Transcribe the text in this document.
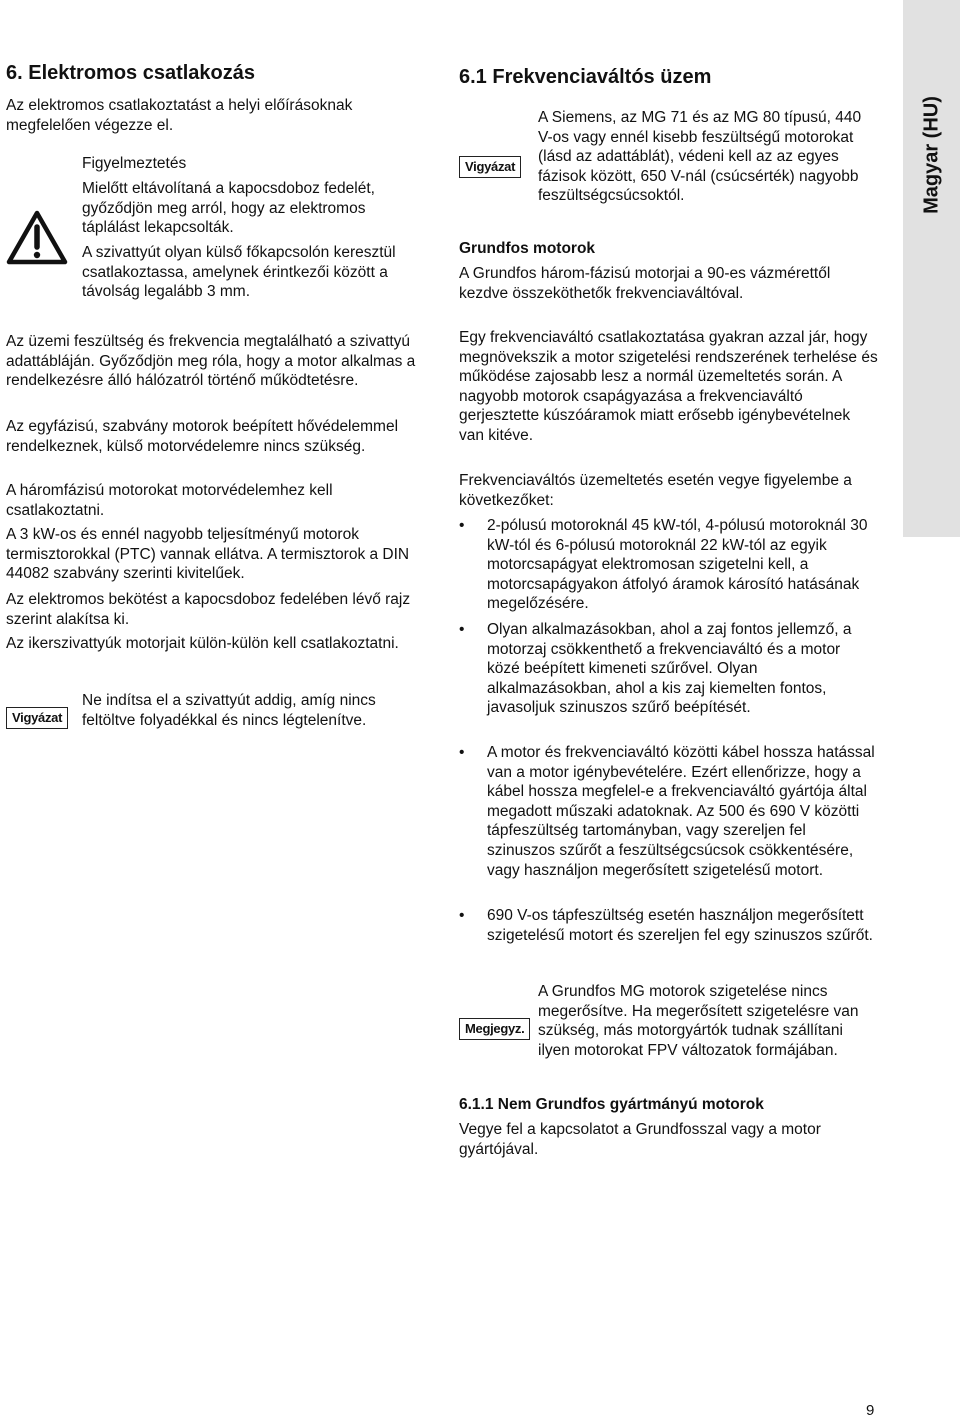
Magyar (HU)
6. Elektromos csatlakozás

Az elektromos csatlakoztatást a helyi előírásoknak megfelelően végezze el.

Figyelmeztetés

Mielőtt eltávolítaná a kapocsdoboz fedelét, győződjön meg arról, hogy az elektromos táplálást lekapcsolták.

A szivattyút olyan külső főkapcsolón keresztül csatlakoztassa, amelynek érintkezői között a távolság legalább 3 mm.

Az üzemi feszültség és frekvencia megtalálható a szivattyú adattábláján. Győződjön meg róla, hogy a motor alkalmas a rendelkezésre álló hálózatról történő működtetésre.

Az egyfázisú, szabvány motorok beépített hővédelemmel rendelkeznek, külső motorvédelemre nincs szükség.

A háromfázisú motorokat motorvédelemhez kell csatlakoztatni.

A 3 kW-os és ennél nagyobb teljesítményű motorok termisztorokkal (PTC) vannak ellátva. A termisztorok a DIN 44082 szabvány szerinti kivitelűek.

Az elektromos bekötést a kapocsdoboz fedelében lévő rajz szerint alakítsa ki.

Az ikerszivattyúk motorjait külön-külön kell csatlakoztatni.

Vigyázat

Ne indítsa el a szivattyút addig, amíg nincs feltöltve folyadékkal és nincs légtelenítve.

6.1 Frekvenciaváltós üzem
Vigyázat

A Siemens, az MG 71 és az MG 80 típusú, 440 V-os vagy ennél kisebb feszültségű motorokat (lásd az adattáblát), védeni kell az az egyes fázisok között, 650 V-nál (csúcsérték) nagyobb feszültségcsúcsoktól.

Grundfos motorok

A Grundfos három-fázisú motorjai a 90-es vázmérettől kezdve összeköthetők frekvenciaváltóval.

Egy frekvenciaváltó csatlakoztatása gyakran azzal jár, hogy megnövekszik a motor szigetelési rendszerének terhelése és működése zajosabb lesz a normál üzemeltetés során. A nagyobb motorok csapágyazása a frekvenciaváltó gerjesztette kúszóáramok miatt erősebb igénybevételnek van kitéve.

Frekvenciaváltós üzemeltetés esetén vegye figyelembe a következőket:

• 2-pólusú motoroknál 45 kW-tól, 4-pólusú motoroknál 30 kW-tól és 6-pólusú motoroknál 22 kW-tól az egyik motorcsapágyat elektromosan szigetelni kell, a motorcsapágyakon átfolyó áramok károsító hatásának megelőzésére.
• Olyan alkalmazásokban, ahol a zaj fontos jellemző, a motorzaj csökkenthető a frekvenciaváltó és a motor közé beépített kimeneti szűrővel. Olyan alkalmazásokban, ahol a kis zaj kiemelten fontos, javasoljuk szinuszos szűrő beépítését.
• A motor és frekvenciaváltó közötti kábel hossza hatással van a motor igénybevételére. Ezért ellenőrizze, hogy a kábel hossza megfelel-e a frekvenciaváltó gyártója által megadott műszaki adatoknak. Az 500 és 690 V közötti tápfeszültség tartományban, vagy szereljen fel szinuszos szűrőt a feszültségcsúcsok csökkentésére, vagy használjon megerősített szigetelésű motort.
• 690 V-os tápfeszültség esetén használjon megerősített szigetelésű motort és szereljen fel egy szinuszos szűrőt.
Megjegyz.

A Grundfos MG motorok szigetelése nincs megerősítve. Ha megerősített szigetelésre van szükség, más motorgyártók tudnak szállítani ilyen motorokat FPV változatok formájában.

6.1.1 Nem Grundfos gyártmányú motorok

Vegye fel a kapcsolatot a Grundfosszal vagy a motor gyártójával.

9
